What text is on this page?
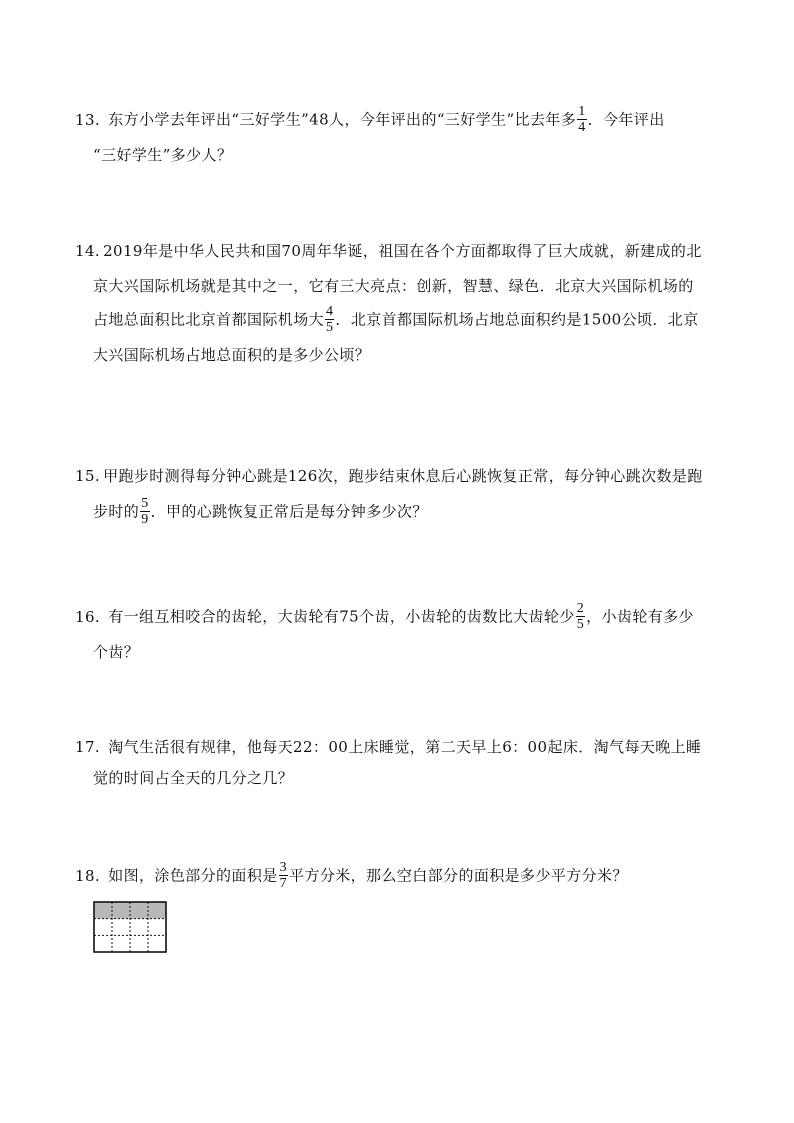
13. 东方小学去年评出“三好学生”48人，今年评出的“三好学生”比去年多 $\frac{1}{4}$ ．今年评出
“三好学生”多少人？
14. 2019年是中华人民共和国70周年华诞，祖国在各个方面都取得了巨大成就，新建成的北
京大兴国际机场就是其中之一，它有三大亮点：创新，智慧、绿色．北京大兴国际机场的
占地总面积比北京首都国际机场大 $\frac{4}{5}$ ．北京首都国际机场占地总面积约是1500公顷．北京
大兴国际机场占地总面积的是多少公顷？
15. 甲跑步时测得每分钟心跳是126次，跑步结束休息后心跳恢复正常，每分钟心跳次数是跑
步时的 $\frac{5}{9}$ ．甲的心跳恢复正常后是每分钟多少次？
16. 有一组互相咬合的齿轮，大齿轮有75个齿，小齿轮的齿数比大齿轮少 $\frac{2}{5}$ ，小齿轮有多少
个齿？
17. 淘气生活很有规律，他每天22：00上床睡觉，第二天早上6：00起床．淘气每天晚上睡
觉的时间占全天的几分之几？
18. 如图，涂色部分的面积是 $\frac{3}{7}$ 平方分米，那么空白部分的面积是多少平方分米？
